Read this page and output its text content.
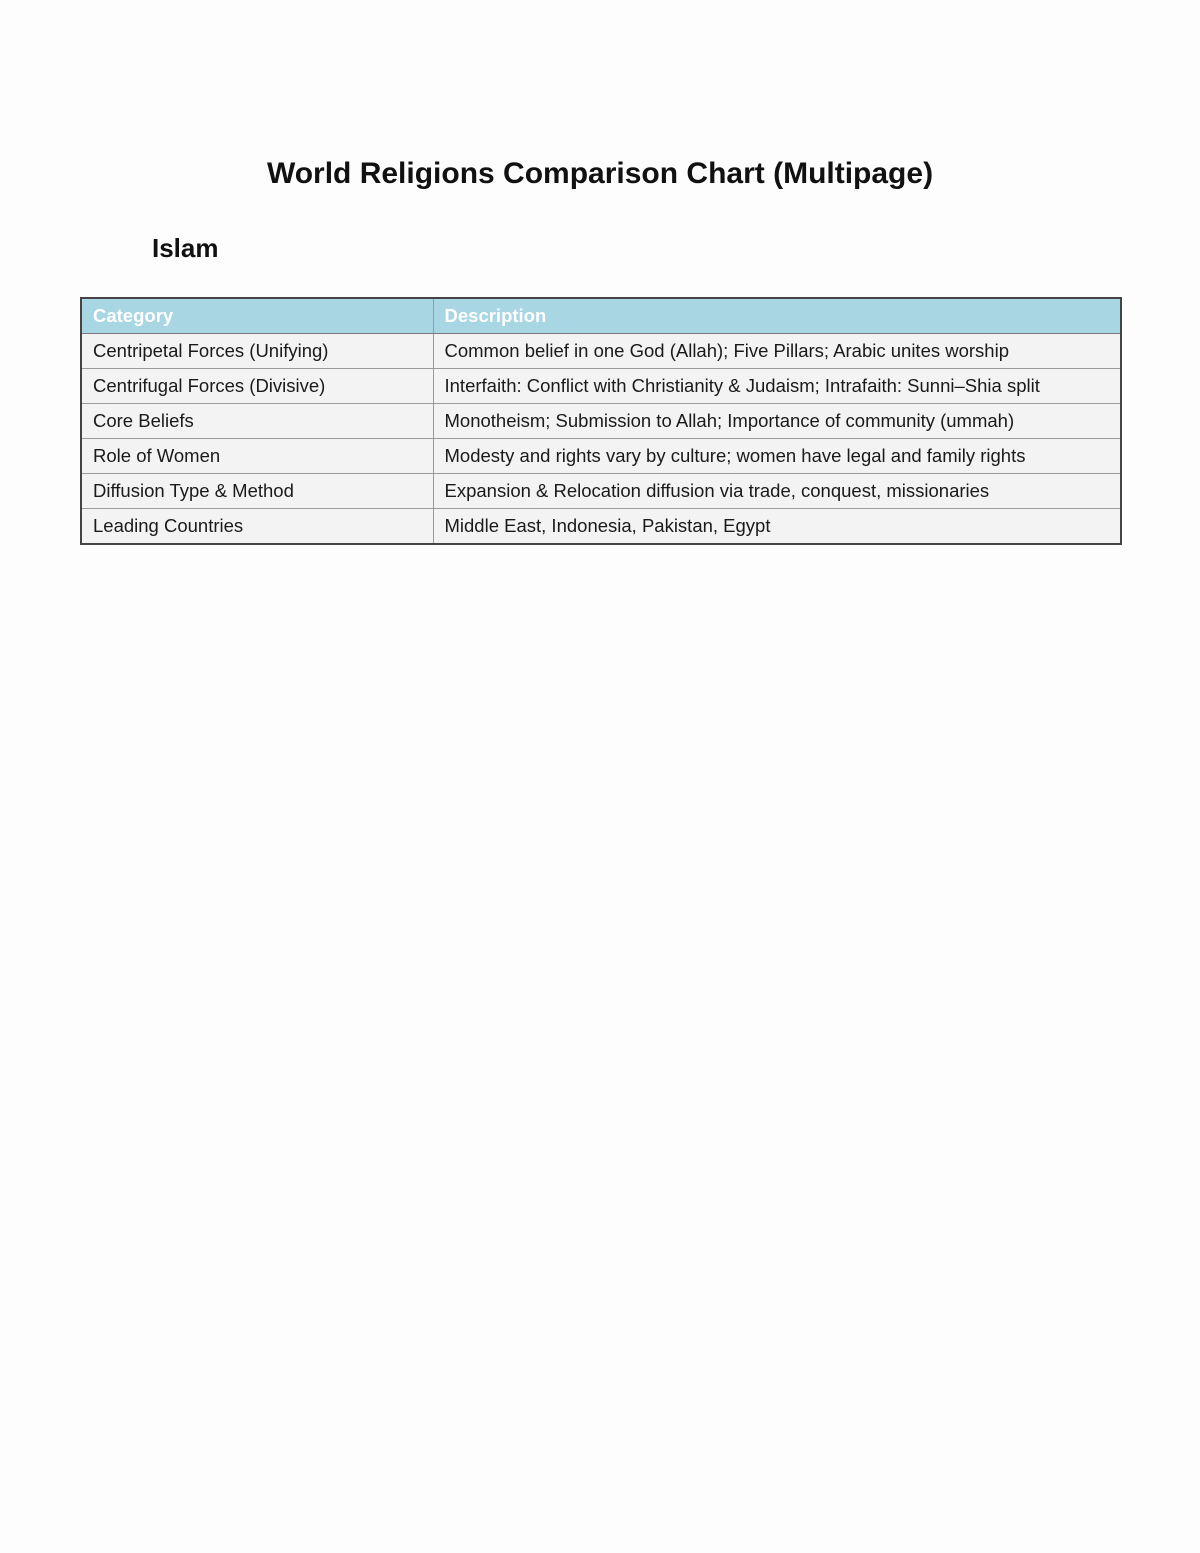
World Religions Comparison Chart (Multipage)
Islam
Category	Description
Centripetal Forces (Unifying)	Common belief in one God (Allah); Five Pillars; Arabic unites worship
Centrifugal Forces (Divisive)	Interfaith: Conflict with Christianity & Judaism; Intrafaith: Sunni–Shia split
Core Beliefs	Monotheism; Submission to Allah; Importance of community (ummah)
Role of Women	Modesty and rights vary by culture; women have legal and family rights
Diffusion Type & Method	Expansion & Relocation diffusion via trade, conquest, missionaries
Leading Countries	Middle East, Indonesia, Pakistan, Egypt
